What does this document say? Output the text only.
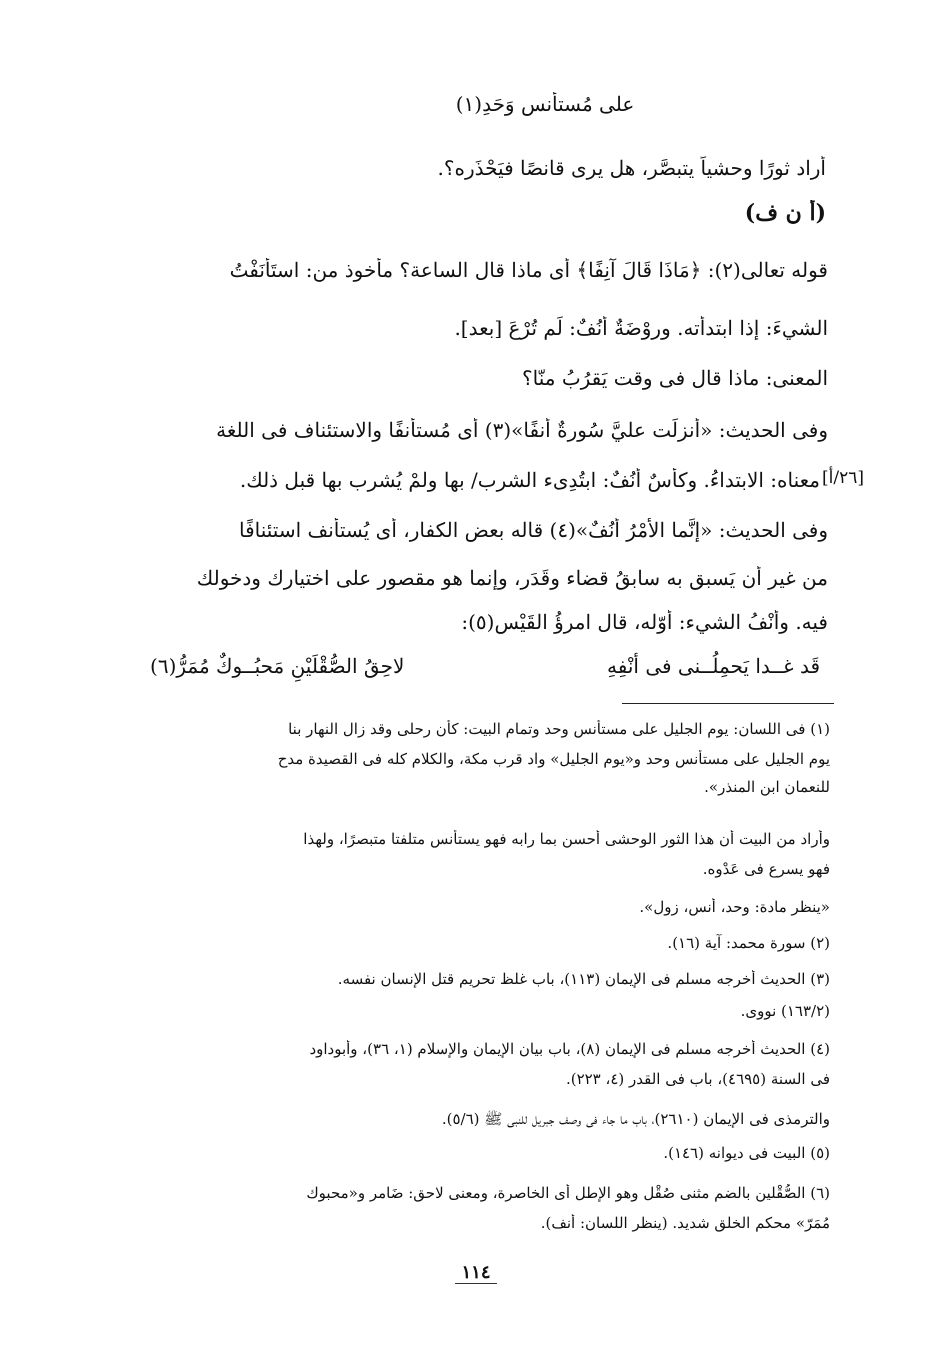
على مُستأنسٍ وَحَدِ(١)
أراد ثورًا وحشياً يتبصَّر، هل يرى قانصًا فيَحْذَره؟.
(أ ن ف)
قوله تعالى(٢): ﴿مَاذَا قَالَ آنِفًا﴾ أى ماذا قال الساعة؟ مأخوذ من: استَأنَفْتُ
الشيءَ: إذا ابتدأته. وروْضَةٌ أُنُفٌ: لَم تُرْعَ [بعد].
المعنى: ماذا قال فى وقت يَقرُبُ منّا؟
وفى الحديث: «أُنزِلَت عليَّ سُورةٌ أَنفًا»(٣) أى مُستأنفًا والاستئناف فى اللغة
معناه: الابتداءُ. وكأسٌ أُنُفٌ: ابتُدِىء الشرب/ بها ولمْ يُشرب بها قبل ذلك. [٢٦/أ]
وفى الحديث: «إنَّما الأَمْرُ أُنُفٌ»(٤) قاله بعض الكفار، أى يُستأنف استئنافًا
من غير أن يَسبق به سابقُ قضاء وقَدَر، وإنما هو مقصور على اختيارك ودخولك
فيه. وأَنْفُ الشيء: أوّله، قال امرؤُ القَيْس(٥):
قَد غــدا يَحمِلُــنى فى أنْفِهِ
لاحِقُ الصُّقْلَيْنِ مَحبُــوكٌ مُمَرُّ(٦)
(١) فى اللسان: يوم الجليل على مستأنس وحد وتمام البيت: كأن رحلى وقد زال النهار بنا
يوم الجليل على مستأنس وحد و«يوم الجليل» واد قرب مكة، والكلام كله فى القصيدة مدح
للنعمان ابن المنذر».
وأراد من البيت أن هذا الثور الوحشى أحسن بما رابه فهو يستأنس متلفتا متبصرًا، ولهذا
فهو يسرع فى عَدْوه.
«ينظر مادة: وحد، أنس، زول».
(٢) سورة محمد: آية (١٦).
(٣) الحديث أخرجه مسلم فى الإيمان (١١٣)، باب غلظ تحريم قتل الإنسان نفسه.
(١٦٣/٢) نووى.
(٤) الحديث أخرجه مسلم فى الإيمان (٨)، باب بيان الإيمان والإسلام (١، ٣٦)، وأبوداود
فى السنة (٤٦٩٥)، باب فى القدر (٤، ٢٢٣).
والترمذى فى الإيمان (٢٦١٠)، باب ما جاء فى وصف جبريل للنبى ﷺ (٥/٦).
(٥) البيت فى ديوانه (١٤٦).
(٦) الصُّقْلين بالضم مثنى صُقْل وهو الإطل أى الخاصرة، ومعنى لاحق: ضَامر و«محبوك
مُمَرّ» محكم الخلق شديد. (ينظر اللسان: أنف).
١١٤
